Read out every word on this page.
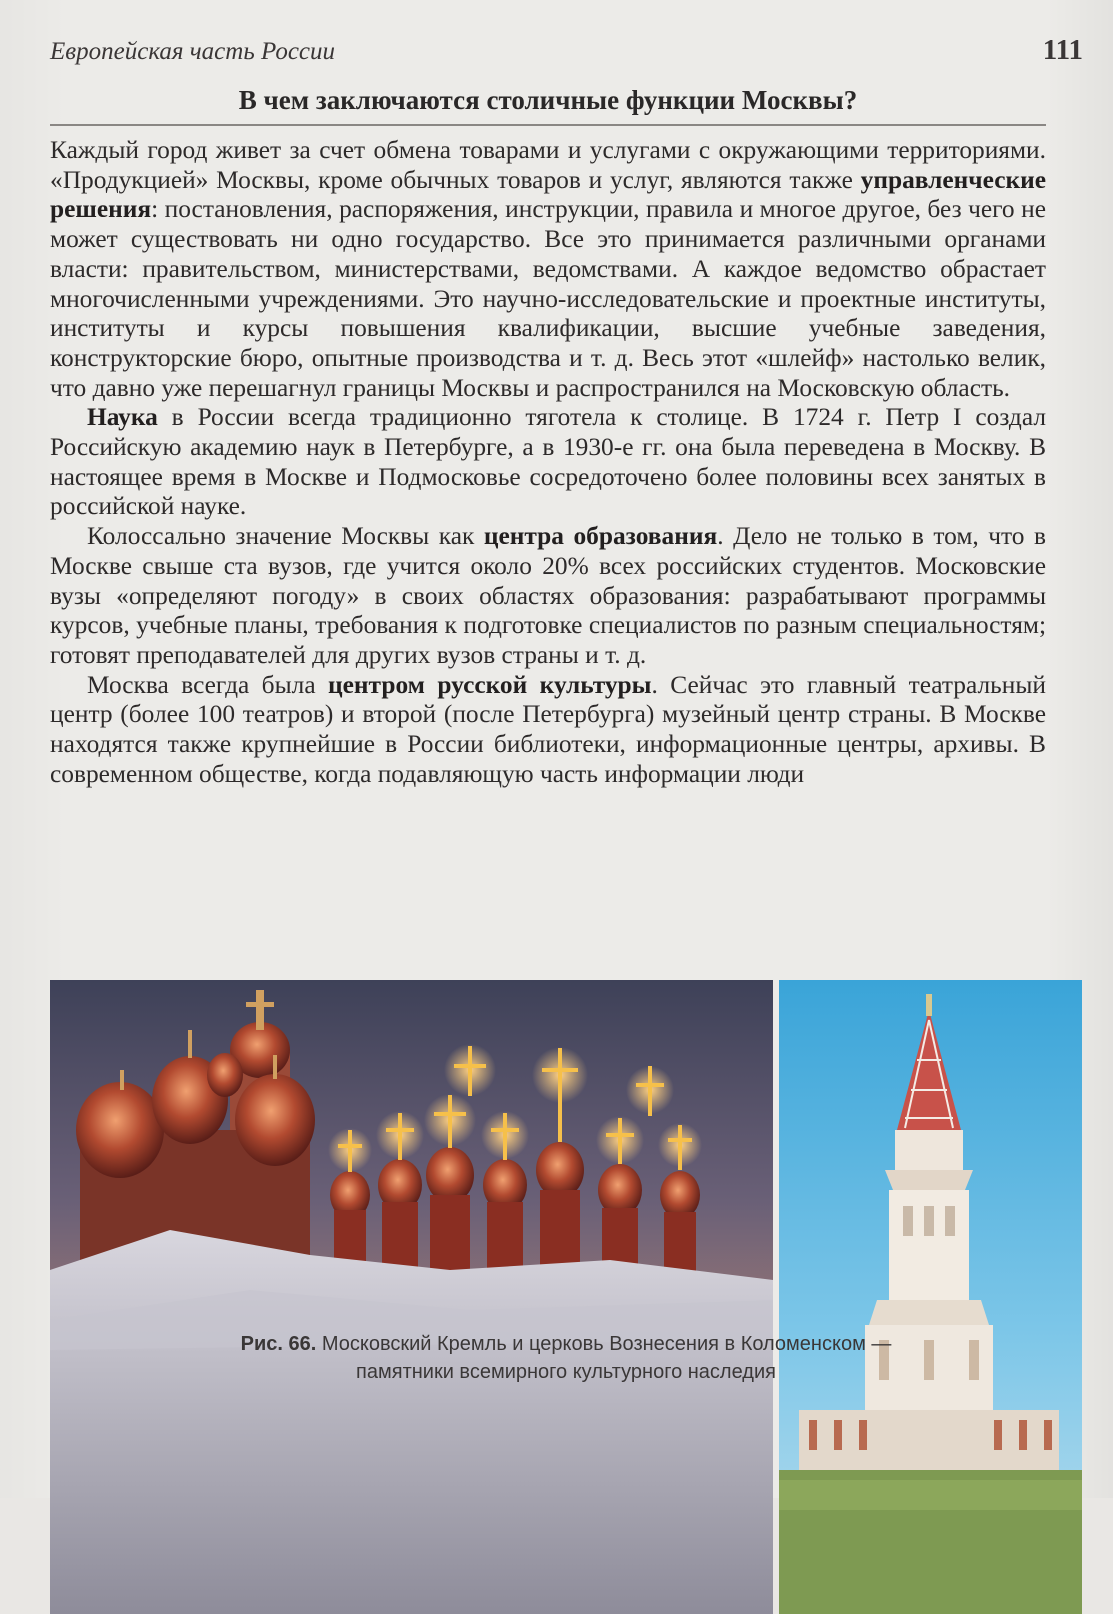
Европейская часть России	111
В чем заключаются столичные функции Москвы?

Каждый город живет за счет обмена товарами и услугами с окружающими территориями. «Продукцией» Москвы, кроме обычных товаров и услуг, являются также управленческие решения: постановления, распоряжения, инструкции, правила и многое другое, без чего не может существовать ни одно государство. Все это принимается различными органами власти: правительством, министерствами, ведомствами. А каждое ведомство обрастает многочисленными учреждениями. Это научно-исследовательские и проектные институты, институты и курсы повышения квалификации, высшие учебные заведения, конструкторские бюро, опытные производства и т. д. Весь этот «шлейф» настолько велик, что давно уже перешагнул границы Москвы и распространился на Московскую область.

Наука в России всегда традиционно тяготела к столице. В 1724 г. Петр I создал Российскую академию наук в Петербурге, а в 1930-е гг. она была переведена в Москву. В настоящее время в Москве и Подмосковье сосредоточено более половины всех занятых в российской науке.

Колоссально значение Москвы как центра образования. Дело не только в том, что в Москве свыше ста вузов, где учится около 20% всех российских студентов. Московские вузы «определяют погоду» в своих областях образования: разрабатывают программы курсов, учебные планы, требования к подготовке специалистов по разным специальностям; готовят преподавателей для других вузов страны и т. д.

Москва всегда была центром русской культуры. Сейчас это главный театральный центр (более 100 театров) и второй (после Петербурга) музейный центр страны. В Москве находятся также крупнейшие в России библиотеки, информационные центры, архивы. В современном обществе, когда подавляющую часть информации люди

Рис. 66. Московский Кремль и церковь Вознесения в Коломенском —
памятники всемирного культурного наследия
